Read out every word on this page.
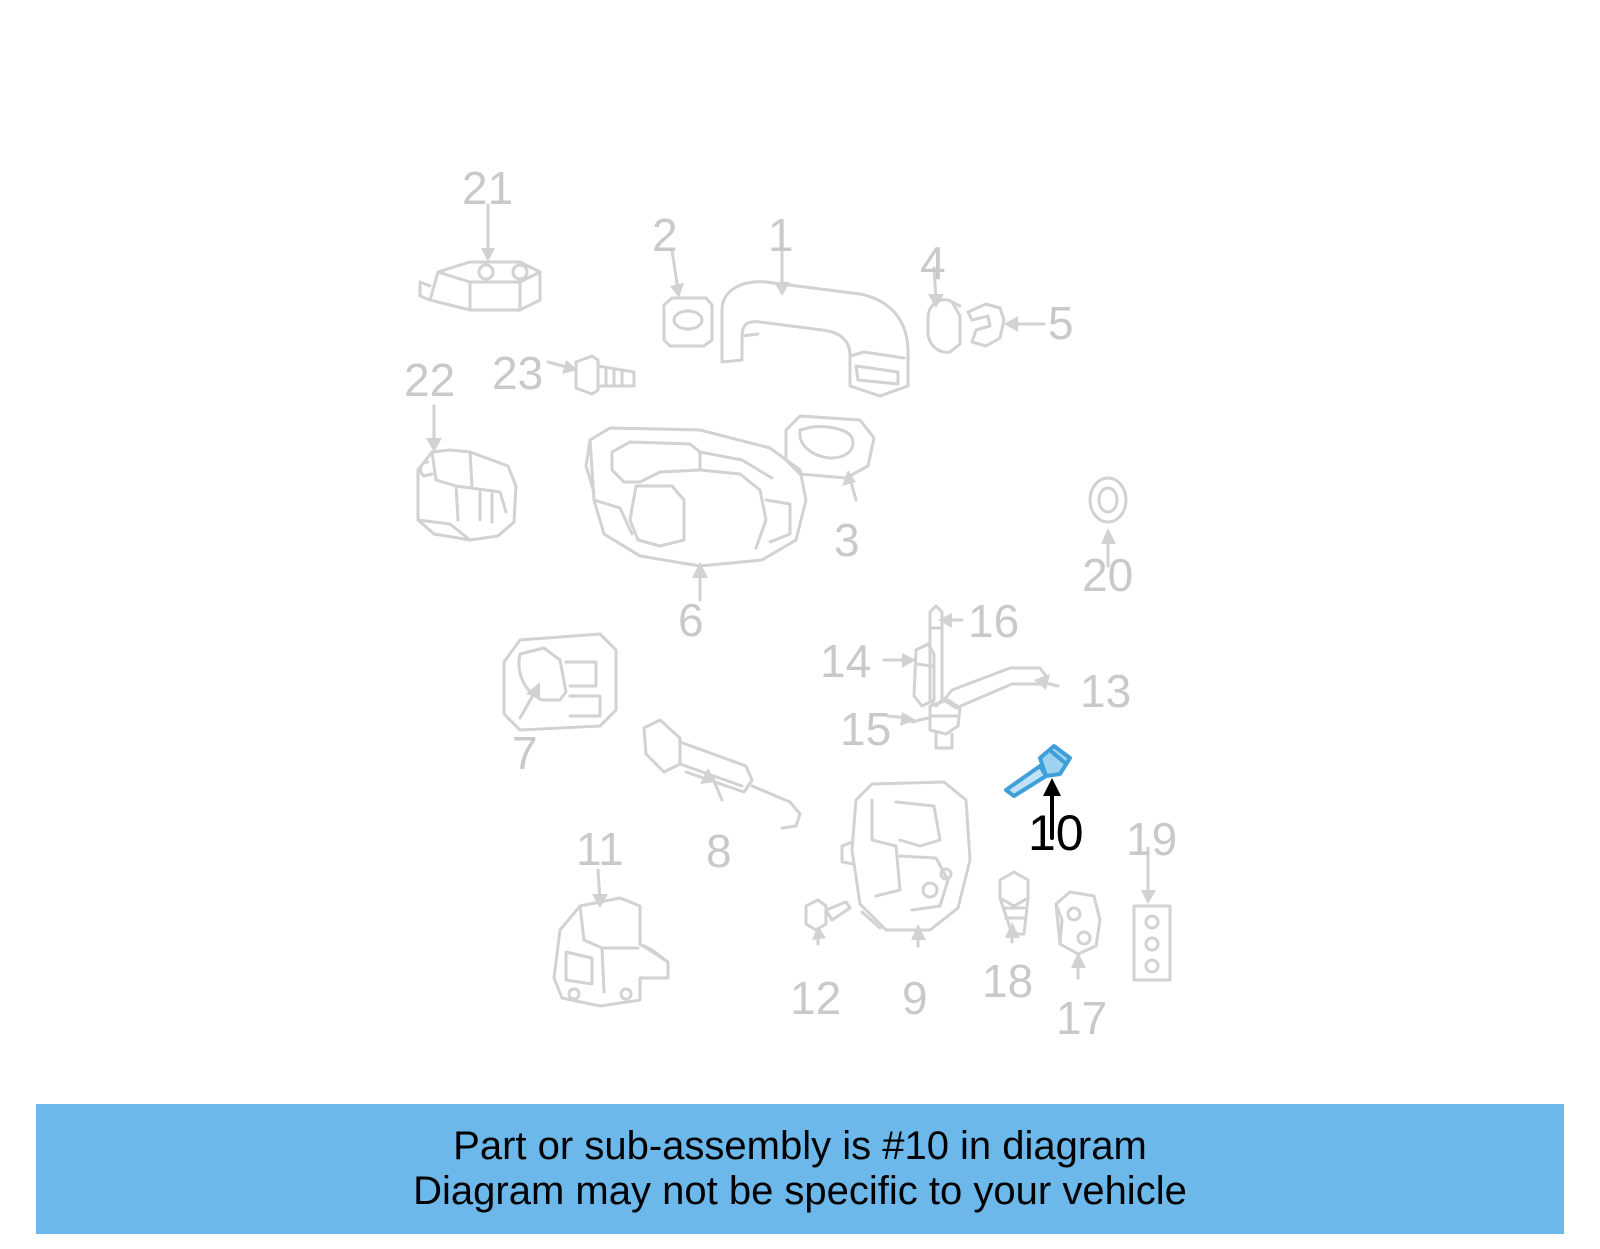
21
2 1
4
5
22 23
3
20
6	16
14
13
15
7
10
8
11	19
12 9 18
17
Part or sub-assembly is #10 in diagram
Diagram may not be specific to your vehicle
